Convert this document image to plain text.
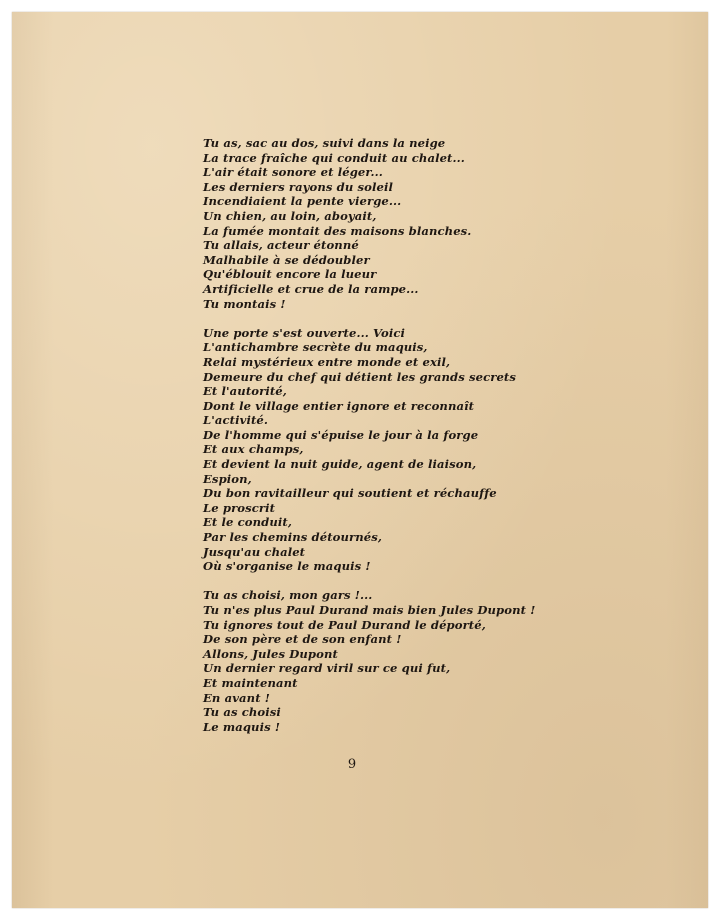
Tu as, sac au dos, suivi dans la neige
La trace fraîche qui conduit au chalet...
L'air était sonore et léger...
Les derniers rayons du soleil
Incendiaient la pente vierge...
Un chien, au loin, aboyait,
La fumée montait des maisons blanches.
Tu allais, acteur étonné
Malhabile à se dédoubler
Qu'éblouit encore la lueur
Artificielle et crue de la rampe...
Tu montais !
Une porte s'est ouverte... Voici
L'antichambre secrète du maquis,
Relai mystérieux entre monde et exil,
Demeure du chef qui détient les grands secrets
Et l'autorité,
Dont le village entier ignore et reconnaît
L'activité.
De l'homme qui s'épuise le jour à la forge
Et aux champs,
Et devient la nuit guide, agent de liaison,
Espion,
Du bon ravitailleur qui soutient et réchauffe
Le proscrit
Et le conduit,
Par les chemins détournés,
Jusqu'au chalet
Où s'organise le maquis !
Tu as choisi, mon gars !...
Tu n'es plus Paul Durand mais bien Jules Dupont !
Tu ignores tout de Paul Durand le déporté,
De son père et de son enfant !
Allons, Jules Dupont
Un dernier regard viril sur ce qui fut,
Et maintenant
En avant !
Tu as choisi
Le maquis !
9
